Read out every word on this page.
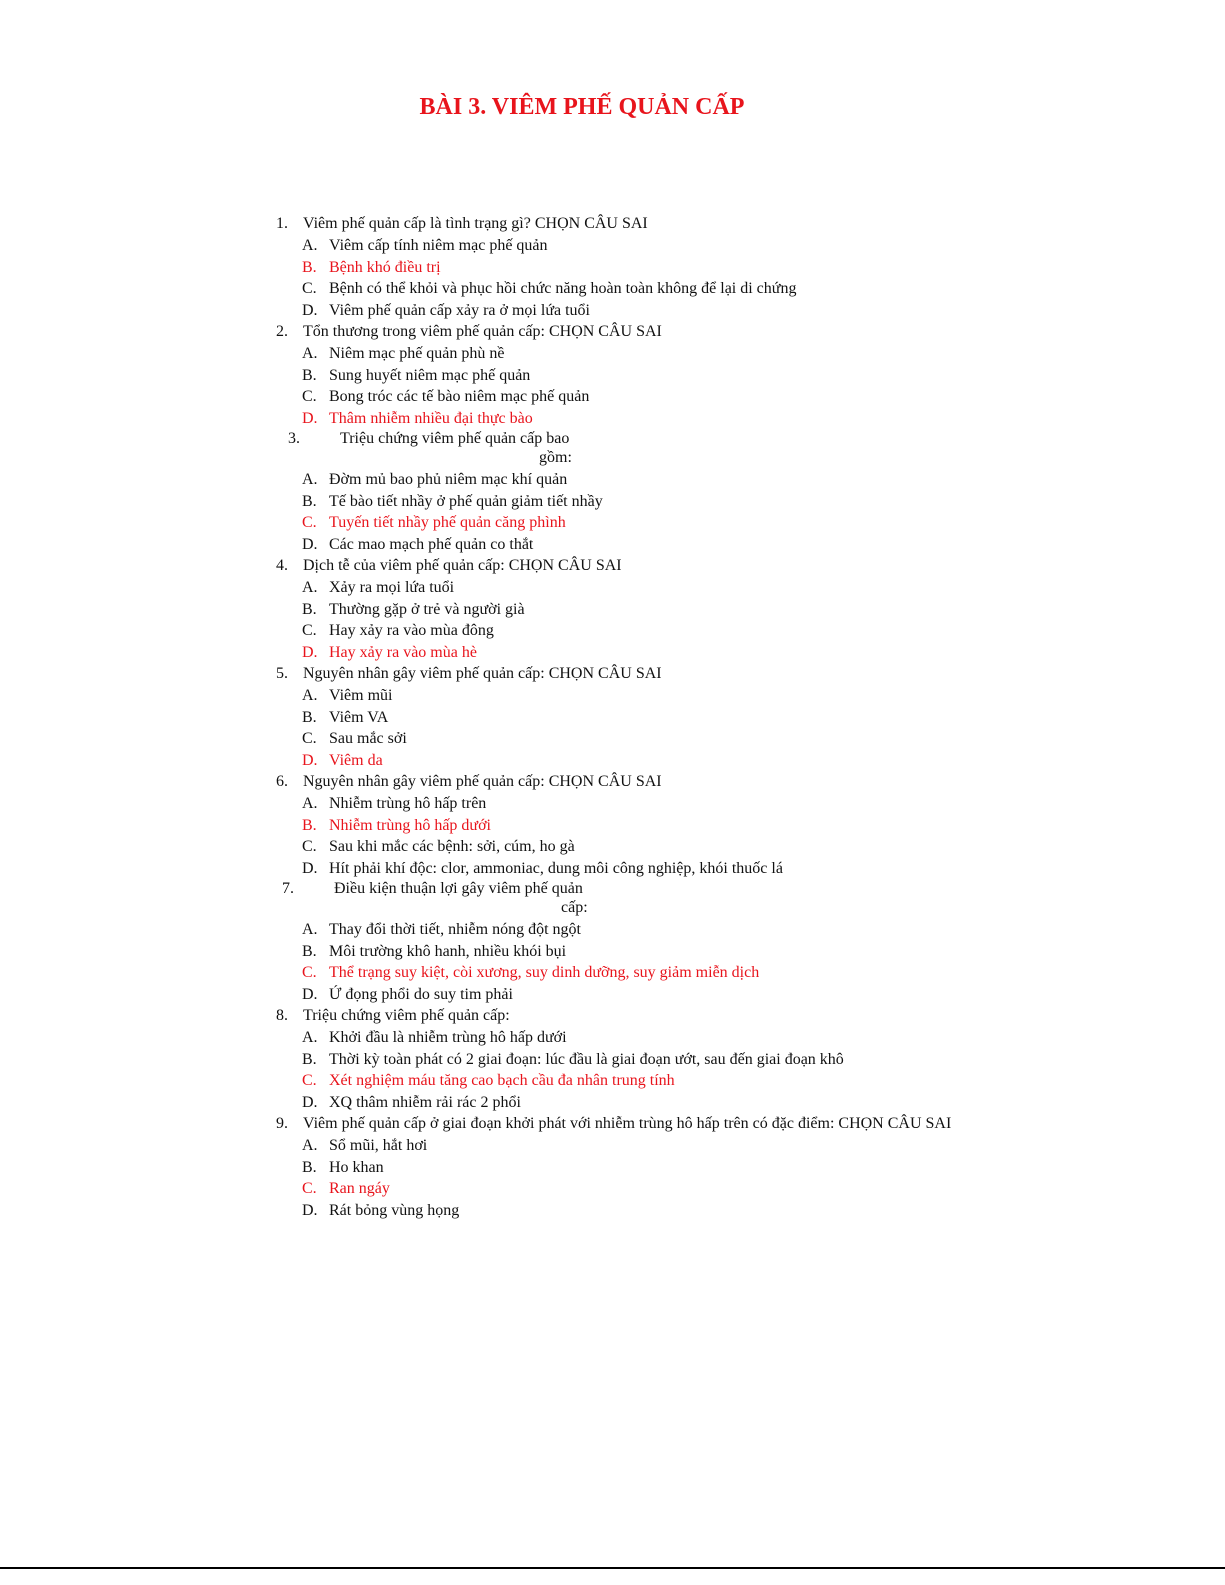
BÀI 3. VIÊM PHẾ QUẢN CẤP
1. Viêm phế quản cấp là tình trạng gì? CHỌN CÂU SAI
A. Viêm cấp tính niêm mạc phế quản
B. Bệnh khó điều trị
C. Bệnh có thể khỏi và phục hồi chức năng hoàn toàn không để lại di chứng
D. Viêm phế quản cấp xảy ra ở mọi lứa tuổi
2. Tổn thương trong viêm phế quản cấp: CHỌN CÂU SAI
A. Niêm mạc phế quản phù nề
B. Sung huyết niêm mạc phế quản
C. Bong tróc các tế bào niêm mạc phế quản
D. Thâm nhiễm nhiều đại thực bào
3.	Triệu chứng viêm phế quản cấp bao
gồm:
A. Đờm mủ bao phủ niêm mạc khí quản
B. Tế bào tiết nhầy ở phế quản giảm tiết nhầy
C. Tuyến tiết nhầy phế quản căng phình
D. Các mao mạch phế quản co thắt
4. Dịch tễ của viêm phế quản cấp: CHỌN CÂU SAI
A. Xảy ra mọi lứa tuổi
B. Thường gặp ở trẻ và người già
C. Hay xảy ra vào mùa đông
D. Hay xảy ra vào mùa hè
5. Nguyên nhân gây viêm phế quản cấp: CHỌN CÂU SAI
A. Viêm mũi
B. Viêm VA
C. Sau mắc sởi
D. Viêm da
6. Nguyên nhân gây viêm phế quản cấp: CHỌN CÂU SAI
A. Nhiễm trùng hô hấp trên
B. Nhiễm trùng hô hấp dưới
C. Sau khi mắc các bệnh: sởi, cúm, ho gà
D. Hít phải khí độc: clor, ammoniac, dung môi công nghiệp, khói thuốc lá
7.	Điều kiện thuận lợi gây viêm phế quản
cấp:
A. Thay đổi thời tiết, nhiễm nóng đột ngột
B. Môi trường khô hanh, nhiều khói bụi
C. Thể trạng suy kiệt, còi xương, suy dinh dưỡng, suy giảm miễn dịch
D. Ứ đọng phổi do suy tim phải
8. Triệu chứng viêm phế quản cấp:
A. Khởi đầu là nhiễm trùng hô hấp dưới
B. Thời kỳ toàn phát có 2 giai đoạn: lúc đầu là giai đoạn ướt, sau đến giai đoạn khô
C. Xét nghiệm máu tăng cao bạch cầu đa nhân trung tính
D. XQ thâm nhiễm rải rác 2 phổi
9. Viêm phế quản cấp ở giai đoạn khởi phát với nhiễm trùng hô hấp trên có đặc điểm: CHỌN CÂU SAI
A. Sổ mũi, hắt hơi
B. Ho khan
C. Ran ngáy
D. Rát bỏng vùng họng
